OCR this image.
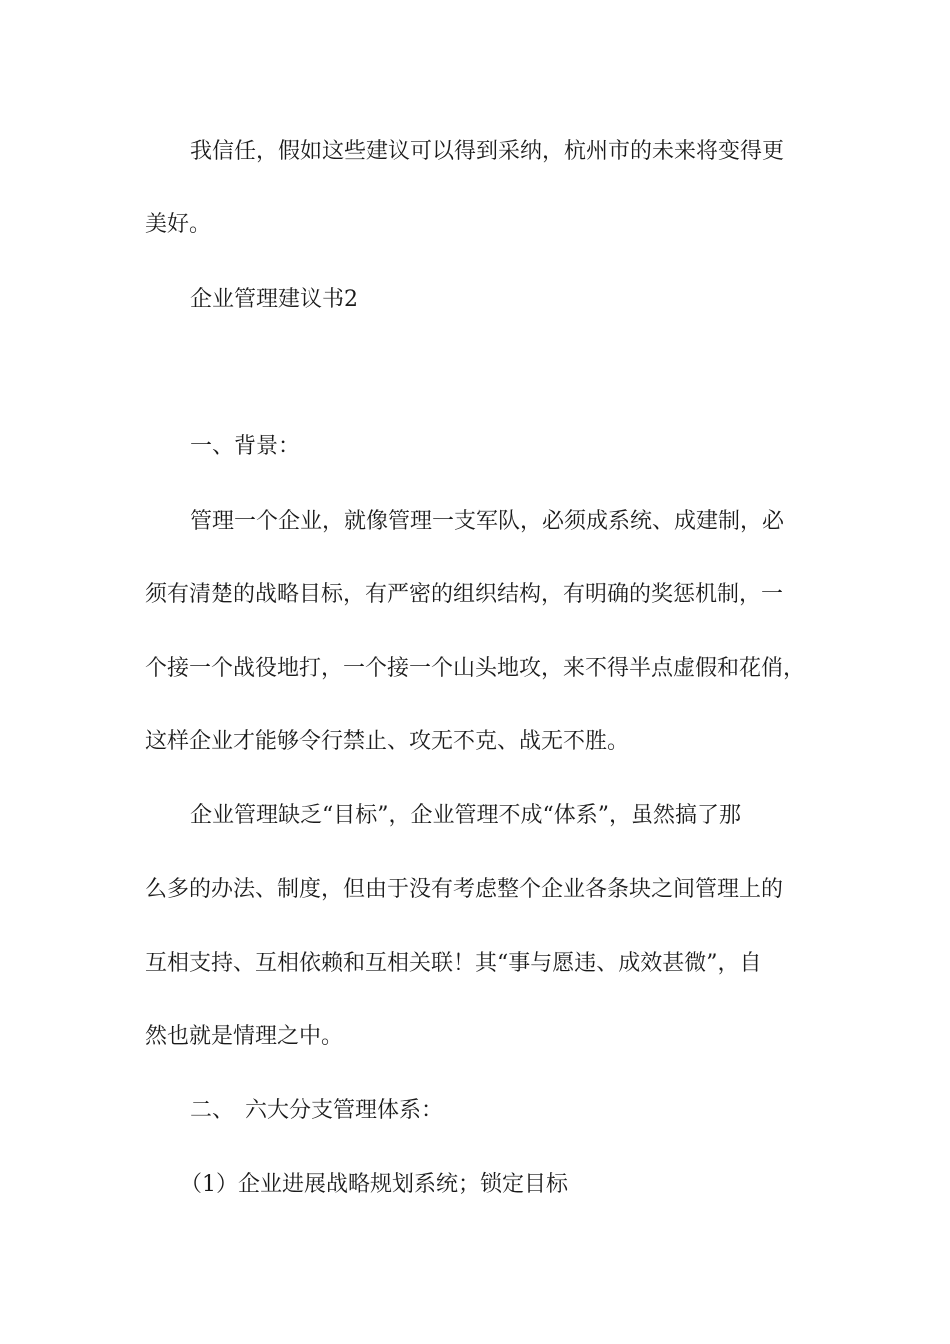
我信任，假如这些建议可以得到采纳，杭州市的未来将变得更

美好。

企业管理建议书2

一、背景：

管理一个企业，就像管理一支军队，必须成系统、成建制，必

须有清楚的战略目标，有严密的组织结构，有明确的奖惩机制，一

个接一个战役地打，一个接一个山头地攻，来不得半点虚假和花俏，

这样企业才能够令行禁止、攻无不克、战无不胜。

企业管理缺乏“目标”，企业管理不成“体系”，虽然搞了那

么多的办法、制度，但由于没有考虑整个企业各条块之间管理上的

互相支持、互相依赖和互相关联！其“事与愿违、成效甚微”，自

然也就是情理之中。

二、　六大分支管理体系：

（1）企业进展战略规划系统；锁定目标
